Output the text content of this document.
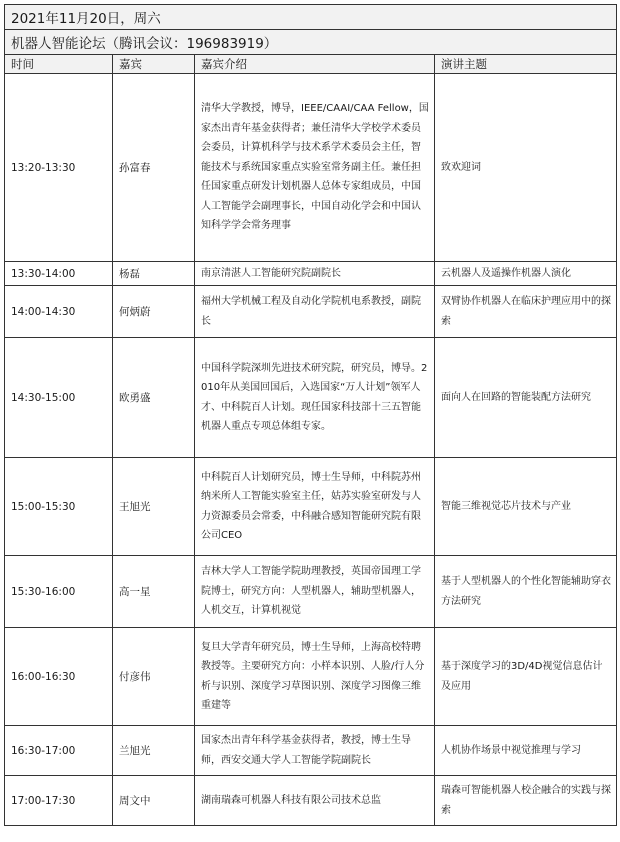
2021年11月20日，周六			
机器人智能论坛（腾讯会议：196983919）			
时间	嘉宾	嘉宾介绍	演讲主题
13:20-13:30	孙富春	清华大学教授，博导，IEEE/CAAI/CAA Fellow，国家杰出青年基金获得者；兼任清华大学校学术委员会委员，计算机科学与技术系学术委员会主任，智能技术与系统国家重点实验室常务副主任。兼任担任国家重点研发计划机器人总体专家组成员，中国人工智能学会副理事长，中国自动化学会和中国认知科学学会常务理事	致欢迎词
13:30-14:00	杨磊	南京清湛人工智能研究院副院长	云机器人及遥操作机器人演化
14:00-14:30	何炳蔚	福州大学机械工程及自动化学院机电系教授，副院长	双臂协作机器人在临床护理应用中的探索
14:30-15:00	欧勇盛	中国科学院深圳先进技术研究院，研究员，博导。2010年从美国回国后，入选国家“万人计划”领军人才、中科院百人计划。现任国家科技部十三五智能机器人重点专项总体组专家。	面向人在回路的智能装配方法研究
15:00-15:30	王旭光	中科院百人计划研究员，博士生导师，中科院苏州纳米所人工智能实验室主任，姑苏实验室研发与人力资源委员会常委，中科融合感知智能研究院有限公司CEO	智能三维视觉芯片技术与产业
15:30-16:00	高一星	吉林大学人工智能学院助理教授，英国帝国理工学院博士，研究方向：人型机器人，辅助型机器人，人机交互，计算机视觉	基于人型机器人的个性化智能辅助穿衣方法研究
16:00-16:30	付彦伟	复旦大学青年研究员，博士生导师，上海高校特聘教授等。主要研究方向：小样本识别、人脸/行人分析与识别、深度学习草图识别、深度学习图像三维重建等	基于深度学习的3D/4D视觉信息估计及应用
16:30-17:00	兰旭光	国家杰出青年科学基金获得者，教授，博士生导师，西安交通大学人工智能学院副院长	人机协作场景中视觉推理与学习
17:00-17:30	周文中	湖南瑞森可机器人科技有限公司技术总监	瑞森可智能机器人校企融合的实践与探索
